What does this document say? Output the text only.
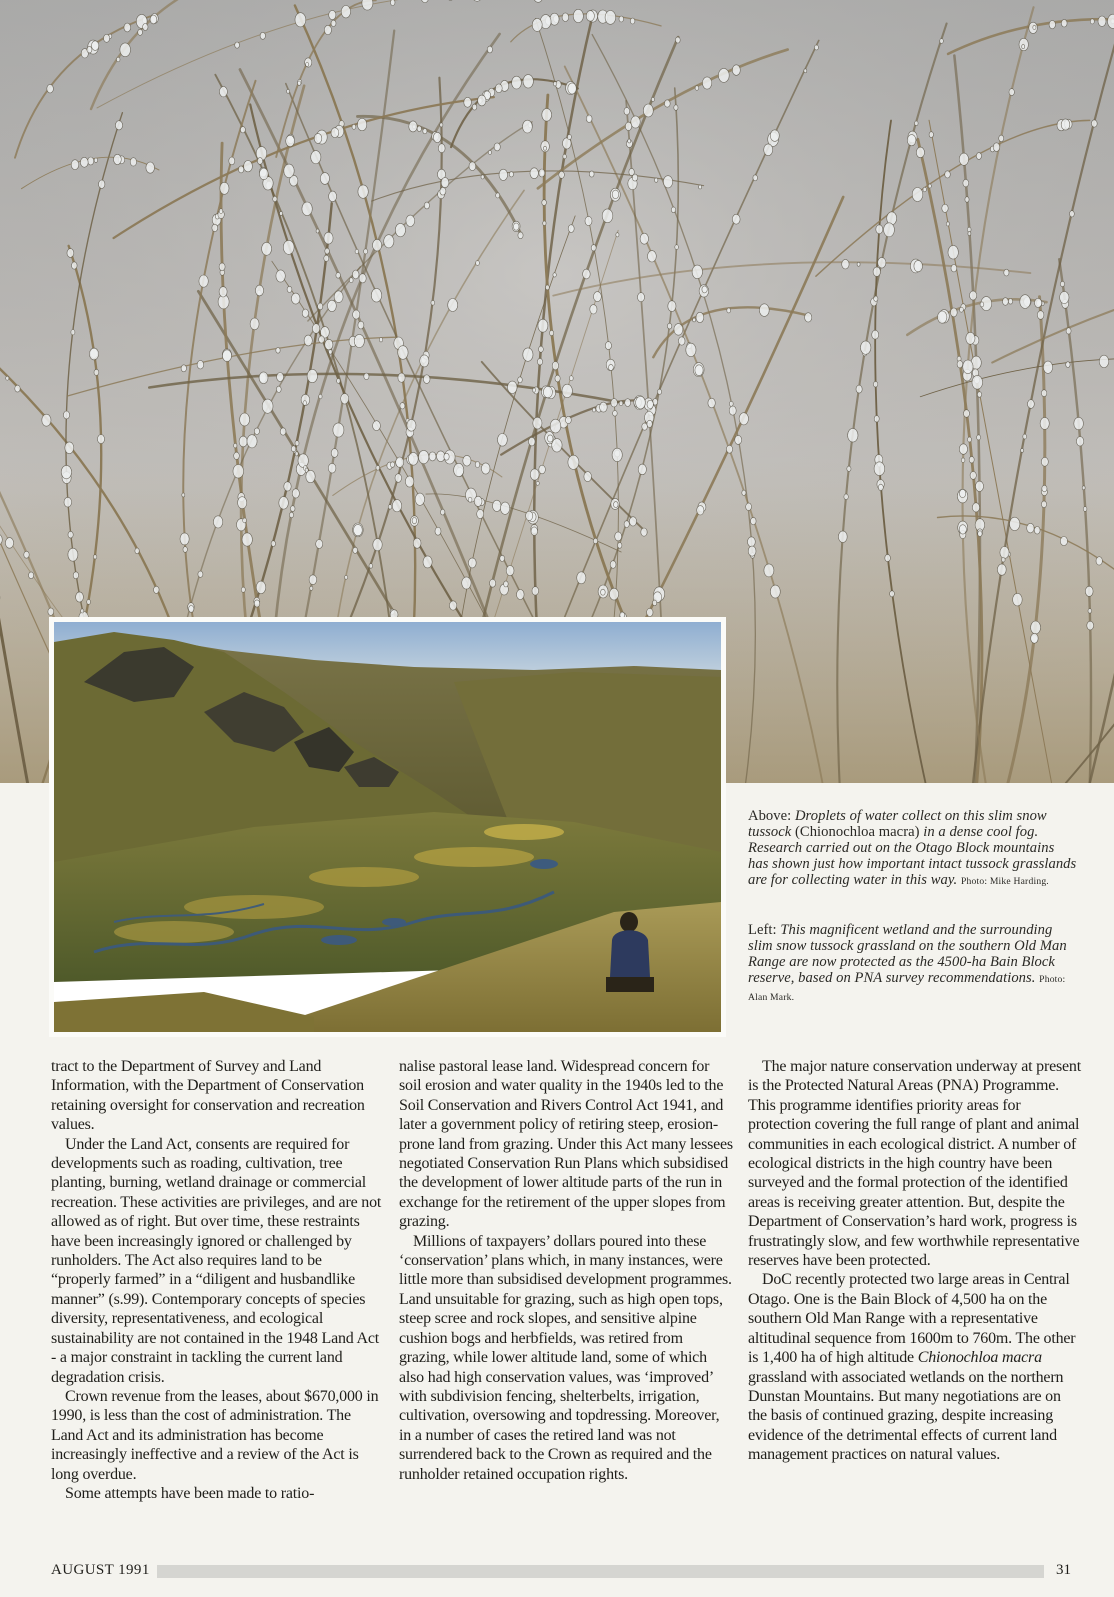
Above: Droplets of water collect on this slim snow tussock (Chionochloa macra) in a dense cool fog. Research carried out on the Otago Block mountains has shown just how important intact tussock grasslands are for collecting water in this way. Photo: Mike Harding.
Left: This magnificent wetland and the surrounding slim snow tussock grassland on the southern Old Man Range are now protected as the 4500-ha Bain Block reserve, based on PNA survey recommendations. Photo: Alan Mark.

tract to the Department of Survey and Land Information, with the Department of Conservation retaining oversight for conservation and recreation values.

Under the Land Act, consents are required for developments such as roading, cultivation, tree planting, burning, wetland drainage or commercial recreation. These activities are privileges, and are not allowed as of right. But over time, these restraints have been increasingly ignored or challenged by runholders. The Act also requires land to be “properly farmed” in a “diligent and husbandlike manner” (s.99). Contemporary concepts of species diversity, representativeness, and ecological sustainability are not contained in the 1948 Land Act - a major constraint in tackling the current land degradation crisis.

Crown revenue from the leases, about $670,000 in 1990, is less than the cost of administration. The Land Act and its administration has become increasingly ineffective and a review of the Act is long overdue.

Some attempts have been made to ratio-

nalise pastoral lease land. Widespread concern for soil erosion and water quality in the 1940s led to the Soil Conservation and Rivers Control Act 1941, and later a government policy of retiring steep, erosion-prone land from grazing. Under this Act many lessees negotiated Conservation Run Plans which subsidised the development of lower altitude parts of the run in exchange for the retirement of the upper slopes from grazing.

Millions of taxpayers’ dollars poured into these ‘conservation’ plans which, in many instances, were little more than subsidised development programmes. Land unsuitable for grazing, such as high open tops, steep scree and rock slopes, and sensitive alpine cushion bogs and herbfields, was retired from grazing, while lower altitude land, some of which also had high conservation values, was ‘improved’ with subdivision fencing, shelterbelts, irrigation, cultivation, oversowing and topdressing. Moreover, in a number of cases the retired land was not surrendered back to the Crown as required and the runholder retained occupation rights.

The major nature conservation underway at present is the Protected Natural Areas (PNA) Programme. This programme identifies priority areas for protection covering the full range of plant and animal communities in each ecological district. A number of ecological districts in the high country have been surveyed and the formal protection of the identified areas is receiving greater attention. But, despite the Department of Conservation’s hard work, progress is frustratingly slow, and few worthwhile representative reserves have been protected.

DoC recently protected two large areas in Central Otago. One is the Bain Block of 4,500 ha on the southern Old Man Range with a representative altitudinal sequence from 1600m to 760m. The other is 1,400 ha of high altitude Chionochloa macra grassland with associated wetlands on the northern Dunstan Mountains. But many negotiations are on the basis of continued grazing, despite increasing evidence of the detrimental effects of current land management practices on natural values.

AUGUST 1991	31
